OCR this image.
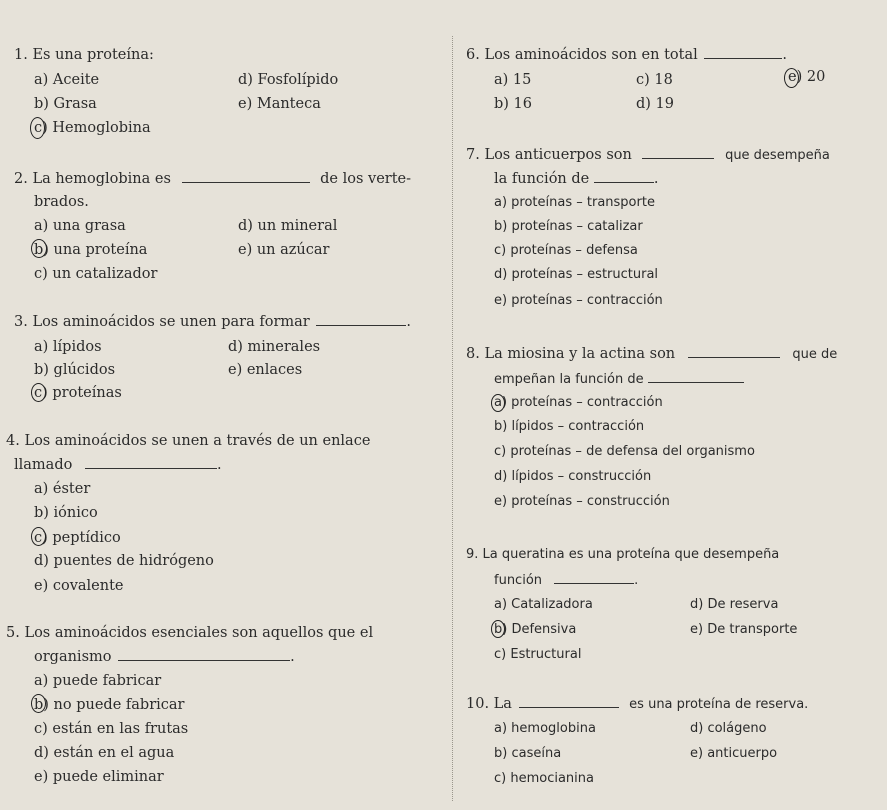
1. Es una proteína:
a) Aceite	d) Fosfolípido
b) Grasa	e) Manteca
c) Hemoglobina
2. La hemoglobina es	de los verte-
brados.
a) una grasa	d) un mineral
b) una proteína	e) un azúcar
c) un catalizador
3. Los aminoácidos se unen para formar	.
a) lípidos	d) minerales
b) glúcidos	e) enlaces
c) proteínas
4. Los aminoácidos se unen a través de un enlace
llamado	.
a) éster
b) iónico
c) peptídico
d) puentes de hidrógeno
e) covalente
5. Los aminoácidos esenciales son aquellos que el
organismo	.
a) puede fabricar
b) no puede fabricar
c) están en las frutas
d) están en el agua
e) puede eliminar
6. Los aminoácidos son en total	.
a) 15	c) 18	e) 20
b) 16	d) 19
7. Los anticuerpos son	que desempeña
la función de	.
a) proteínas – transporte
b) proteínas – catalizar
c) proteínas – defensa
d) proteínas – estructural
e) proteínas – contracción
8. La miosina y la actina son	que de
empeñan la función de
a) proteínas – contracción
b) lípidos – contracción
c) proteínas – de defensa del organismo
d) lípidos – construcción
e) proteínas – construcción
9. La queratina es una proteína que desempeña
función	.
a) Catalizadora	d) De reserva
b) Defensiva	e) De transporte
c) Estructural
10. La	es una proteína de reserva.
a) hemoglobina	d) colágeno
b) caseína	e) anticuerpo
c) hemocianina
